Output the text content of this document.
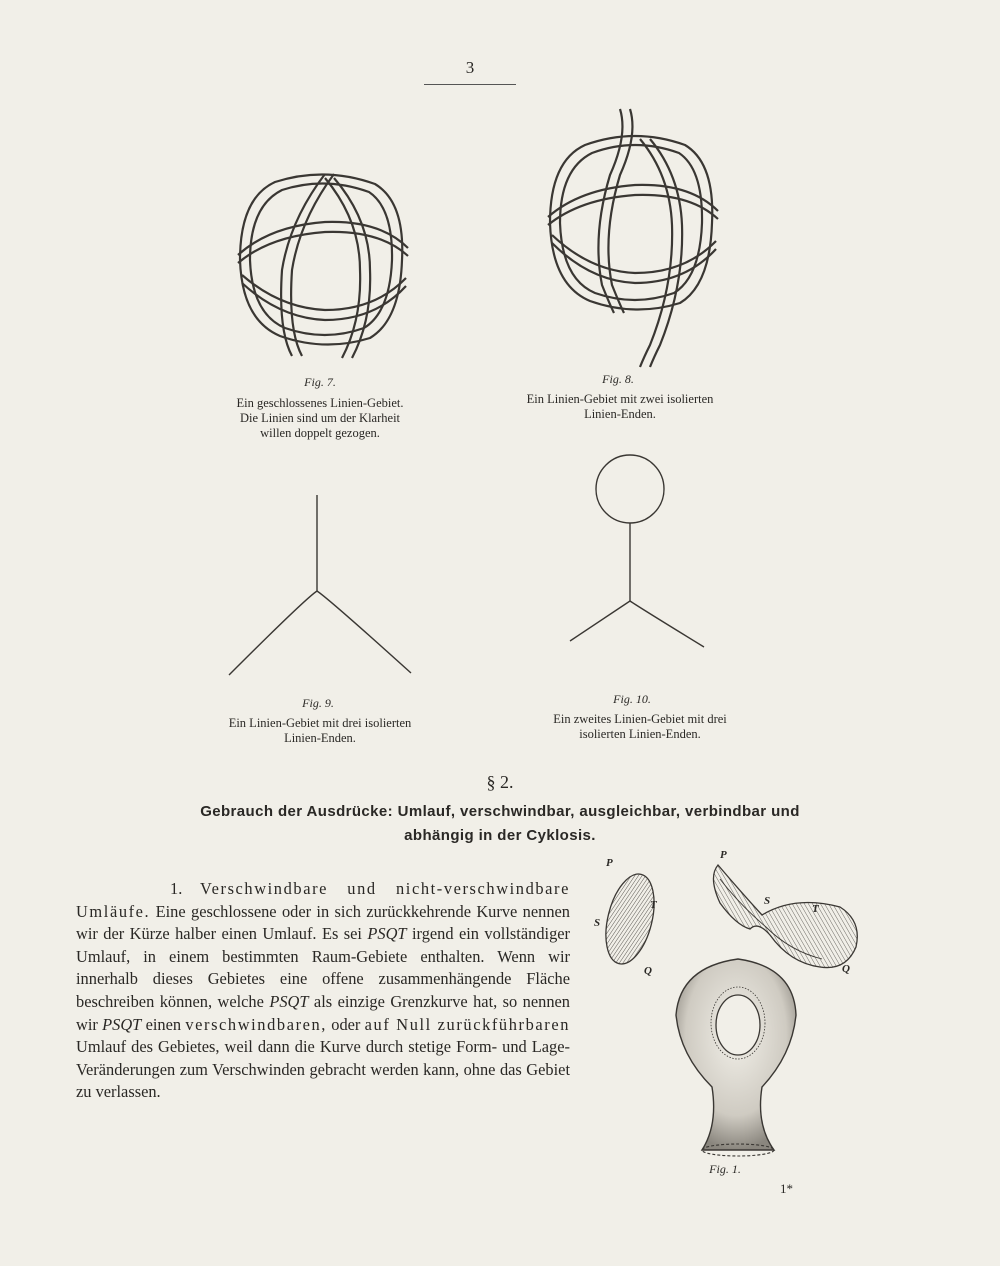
3
Fig. 7.
Ein geschlossenes Linien-Gebiet.
Die Linien sind um der Klarheit
willen doppelt gezogen.
Fig. 8.
Ein Linien-Gebiet mit zwei isolierten
Linien-Enden.
Fig. 9.
Ein Linien-Gebiet mit drei isolierten
Linien-Enden.
Fig. 10.
Ein zweites Linien-Gebiet mit drei
isolierten Linien-Enden.
§ 2.
Gebrauch der Ausdrücke: Umlauf, verschwindbar, ausgleichbar, verbindbar und
abhängig in der Cyklosis.
1. Verschwindbare und nicht-verschwindbare Umläufe. Eine geschlossene oder in sich zurückkehrende Kurve nennen wir der Kürze halber einen Umlauf. Es sei PSQT irgend ein vollständiger Umlauf, in einem bestimmten Raum-Gebiete enthalten. Wenn wir innerhalb dieses Gebietes eine offene zusammenhängende Fläche beschreiben können, welche PSQT als einzige Grenzkurve hat, so nennen wir PSQT einen verschwindbaren, oder auf Null zurückführbaren Umlauf des Gebietes, weil dann die Kurve durch stetige Form- und Lage-Veränderungen zum Verschwinden gebracht werden kann, ohne das Gebiet zu verlassen.
P
S
T
Q
P
S
T
Q
Fig. 1.
1*
